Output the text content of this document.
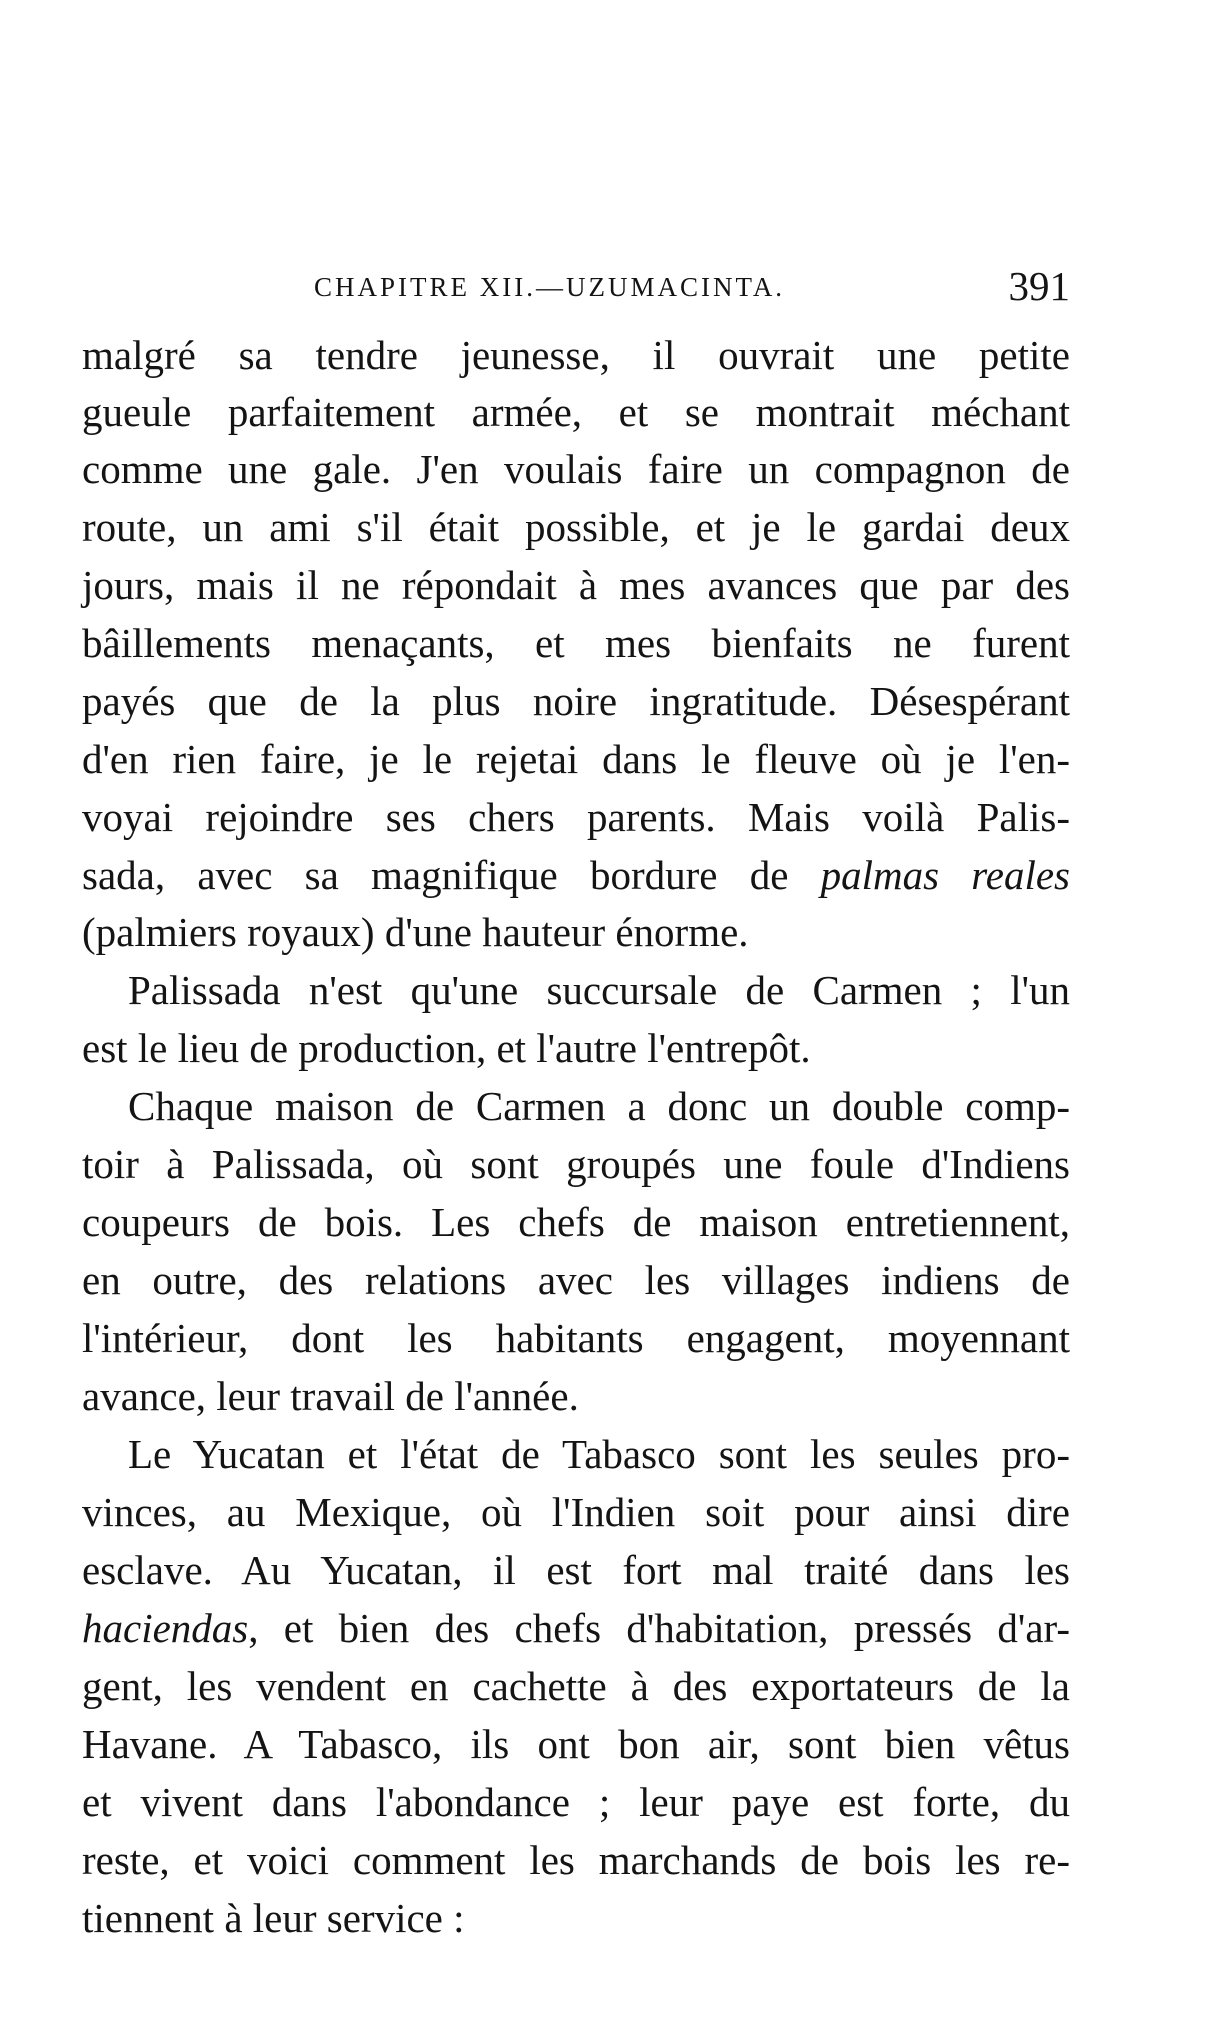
CHAPITRE XII.—UZUMACINTA.	391
malgré sa tendre jeunesse, il ouvrait une petite
gueule parfaitement armée, et se montrait méchant
comme une gale. J'en voulais faire un compagnon de
route, un ami s'il était possible, et je le gardai deux
jours, mais il ne répondait à mes avances que par des
bâillements menaçants, et mes bienfaits ne furent
payés que de la plus noire ingratitude. Désespérant
d'en rien faire, je le rejetai dans le fleuve où je l'en-
voyai rejoindre ses chers parents. Mais voilà Palis-
sada, avec sa magnifique bordure de palmas reales
(palmiers royaux) d'une hauteur énorme.
Palissada n'est qu'une succursale de Carmen ; l'un
est le lieu de production, et l'autre l'entrepôt.
Chaque maison de Carmen a donc un double comp-
toir à Palissada, où sont groupés une foule d'Indiens
coupeurs de bois. Les chefs de maison entretiennent,
en outre, des relations avec les villages indiens de
l'intérieur, dont les habitants engagent, moyennant
avance, leur travail de l'année.
Le Yucatan et l'état de Tabasco sont les seules pro-
vinces, au Mexique, où l'Indien soit pour ainsi dire
esclave. Au Yucatan, il est fort mal traité dans les
haciendas, et bien des chefs d'habitation, pressés d'ar-
gent, les vendent en cachette à des exportateurs de la
Havane. A Tabasco, ils ont bon air, sont bien vêtus
et vivent dans l'abondance ; leur paye est forte, du
reste, et voici comment les marchands de bois les re-
tiennent à leur service :
